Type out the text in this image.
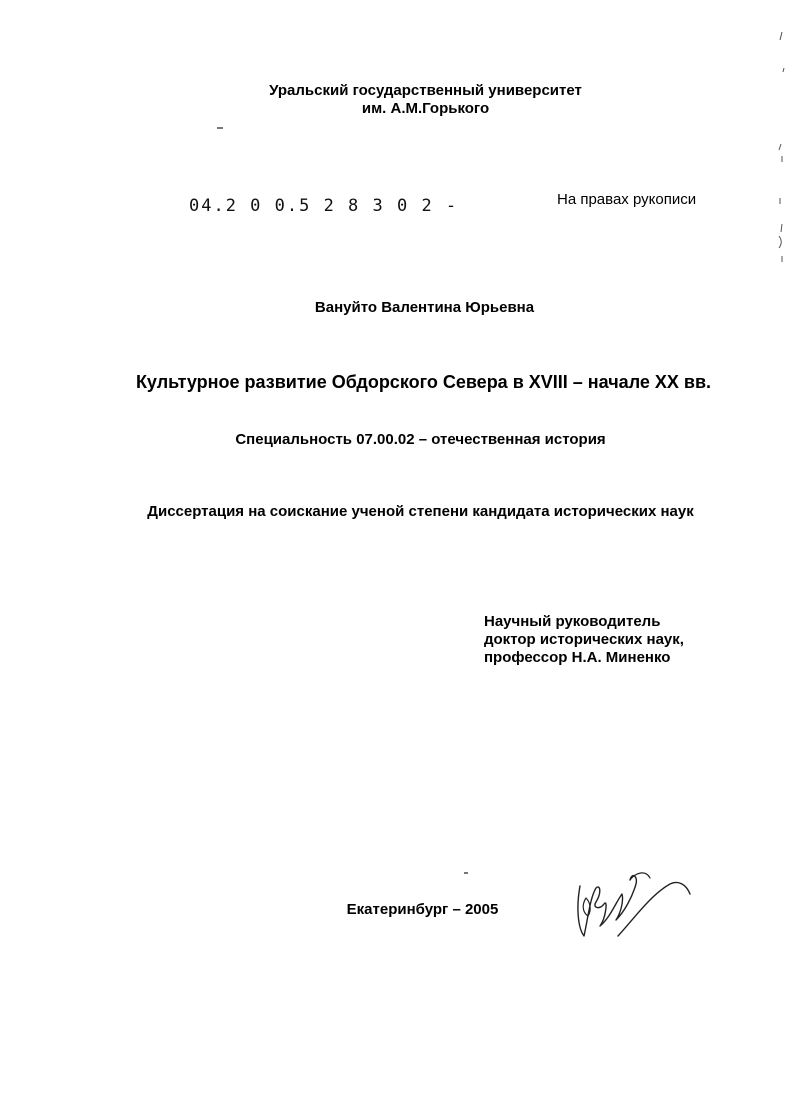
Уральский государственный университет
им. А.М.Горького
04.2 0 0.5 2 8 3 0 2 -	На правах рукописи
Вануйто Валентина Юрьевна
Культурное развитие Обдорского Севера в XVIII – начале XX вв.
Специальность 07.00.02 – отечественная история
Диссертация на соискание ученой степени кандидата исторических наук
Научный руководитель
доктор исторических наук,
профессор Н.А. Миненко
Екатеринбург – 2005
